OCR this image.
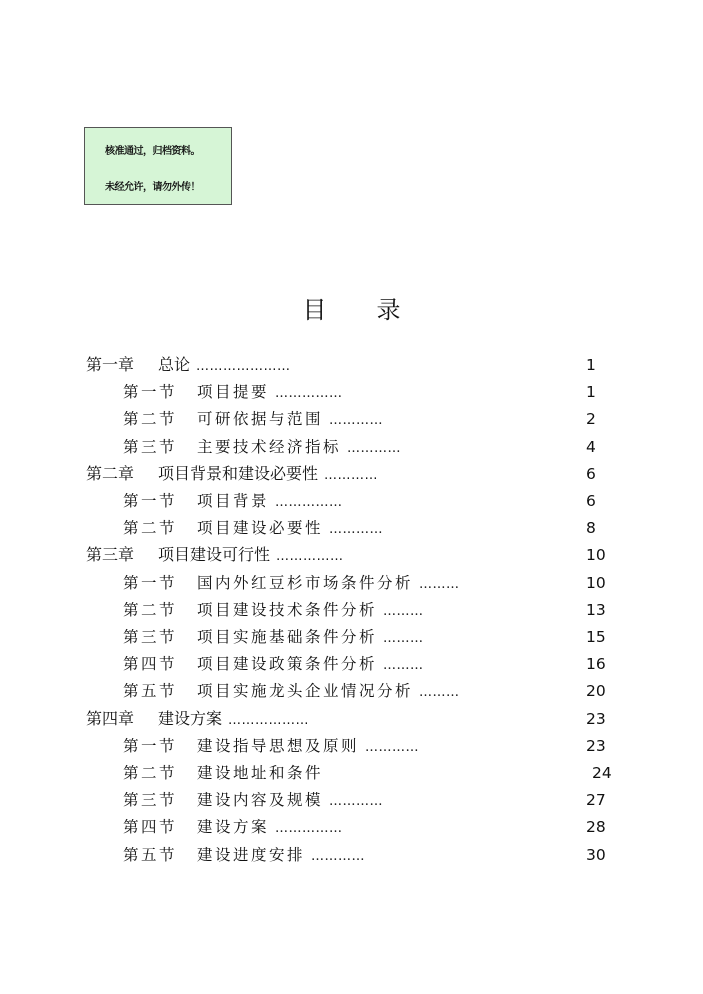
核准通过，归档资料。
未经允许，请勿外传！
目录
第一章 总论 …………………	1
第一节 项目提要 ……………	1
第二节 可研依据与范围 …………	2
第三节 主要技术经济指标 …………	4
第二章 项目背景和建设必要性 …………	6
第一节 项目背景 ……………	6
第二节 项目建设必要性 …………	8
第三章 项目建设可行性 ……………	10
第一节 国内外红豆杉市场条件分析 ………	10
第二节 项目建设技术条件分析 ………	13
第三节 项目实施基础条件分析 ………	15
第四节 项目建设政策条件分析 ………	16
第五节 项目实施龙头企业情况分析 ………	20
第四章 建设方案 ………………	23
第一节 建设指导思想及原则 …………	23
第二节 建设地址和条件	24
第三节 建设内容及规模 …………	27
第四节 建设方案 ……………	28
第五节 建设进度安排 …………	30
